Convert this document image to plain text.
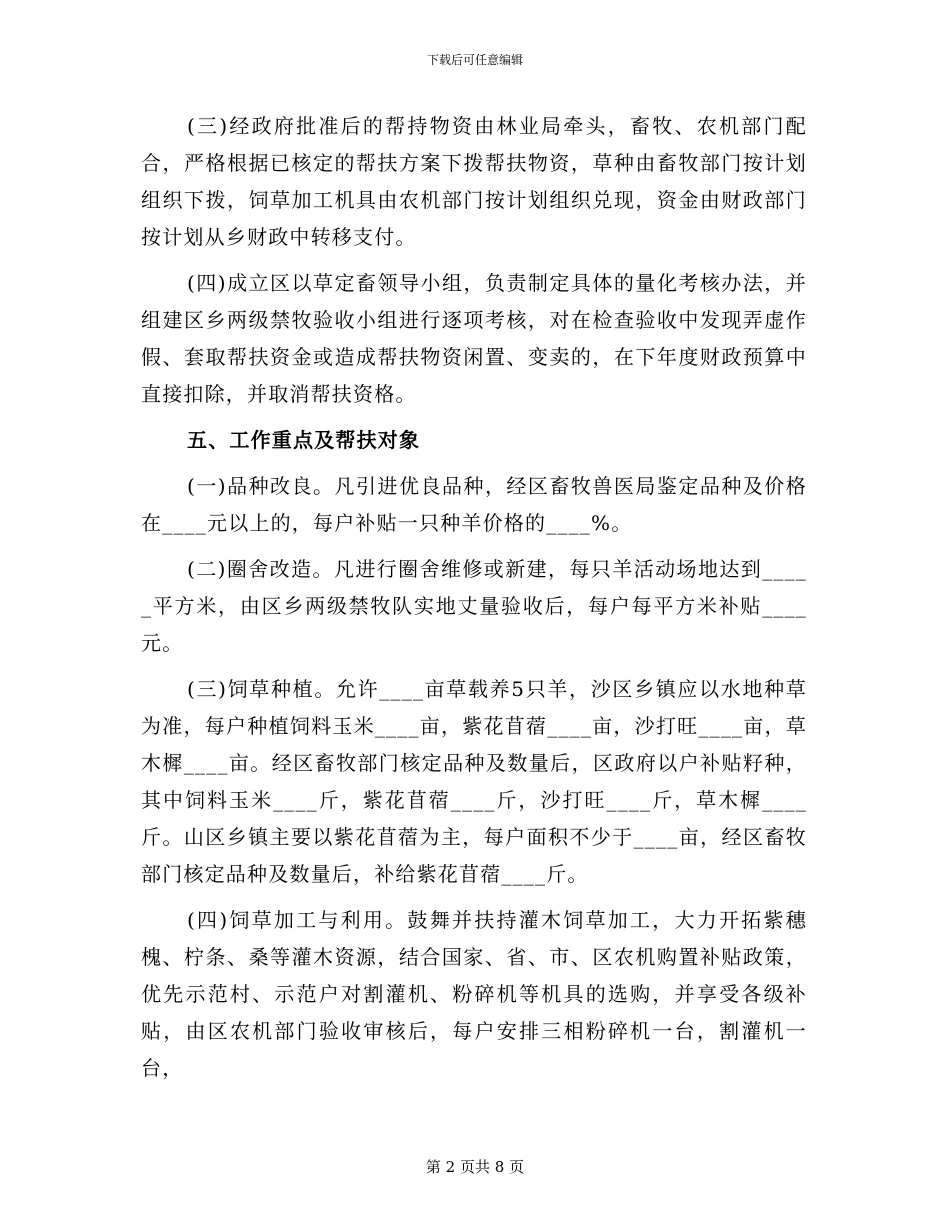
下载后可任意编辑

(三)经政府批准后的帮持物资由林业局牵头，畜牧、农机部门配合，严格根据已核定的帮扶方案下拨帮扶物资，草种由畜牧部门按计划组织下拨，饲草加工机具由农机部门按计划组织兑现，资金由财政部门按计划从乡财政中转移支付。

(四)成立区以草定畜领导小组，负责制定具体的量化考核办法，并组建区乡两级禁牧验收小组进行逐项考核，对在检查验收中发现弄虚作假、套取帮扶资金或造成帮扶物资闲置、变卖的，在下年度财政预算中直接扣除，并取消帮扶资格。

五、工作重点及帮扶对象

(一)品种改良。凡引进优良品种，经区畜牧兽医局鉴定品种及价格在____元以上的，每户补贴一只种羊价格的____%。

(二)圈舍改造。凡进行圈舍维修或新建，每只羊活动场地达到_____平方米，由区乡两级禁牧队实地丈量验收后，每户每平方米补贴____元。

(三)饲草种植。允许____亩草载养5只羊，沙区乡镇应以水地种草为准，每户种植饲料玉米____亩，紫花苜蓿____亩，沙打旺____亩，草木樨____亩。经区畜牧部门核定品种及数量后，区政府以户补贴籽种，其中饲料玉米____斤，紫花苜蓿____斤，沙打旺____斤，草木樨____斤。山区乡镇主要以紫花苜蓿为主，每户面积不少于____亩，经区畜牧部门核定品种及数量后，补给紫花苜蓿____斤。

(四)饲草加工与利用。鼓舞并扶持灌木饲草加工，大力开拓紫穗槐、柠条、桑等灌木资源，结合国家、省、市、区农机购置补贴政策，优先示范村、示范户对割灌机、粉碎机等机具的选购，并享受各级补贴，由区农机部门验收审核后，每户安排三相粉碎机一台，割灌机一台，

第 2 页共 8 页
